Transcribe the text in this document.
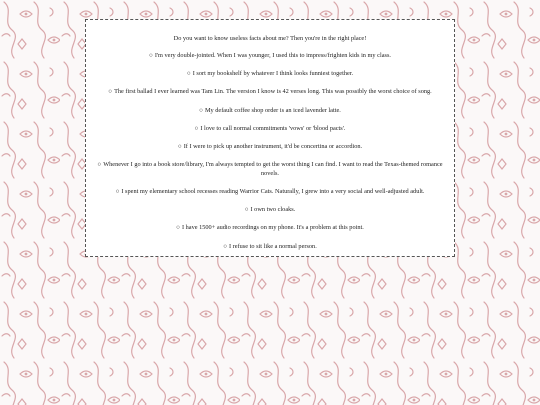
Do you want to know useless facts about me? Then you're in the right place!

○ I'm very double-jointed. When I was younger, I used this to impress/frighten kids in my class.
○ I sort my bookshelf by whatever I think looks funniest together.
○ The first ballad I ever learned was Tam Lin. The version I know is 42 verses long. This was possibly the worst choice of song.
○ My default coffee shop order is an iced lavender latte.
○ I love to call normal commitments 'vows' or 'blood pacts'.
○ If I were to pick up another instrument, it'd be concertina or accordion.
○ Whenever I go into a book store/library, I'm always tempted to get the worst thing I can find. I want to read the Texas-themed romance novels.
○ I spent my elementary school recesses reading Warrior Cats. Naturally, I grew into a very social and well-adjusted adult.
○ I own two cloaks.
○ I have 1500+ audio recordings on my phone. It's a problem at this point.
○ I refuse to sit like a normal person.
